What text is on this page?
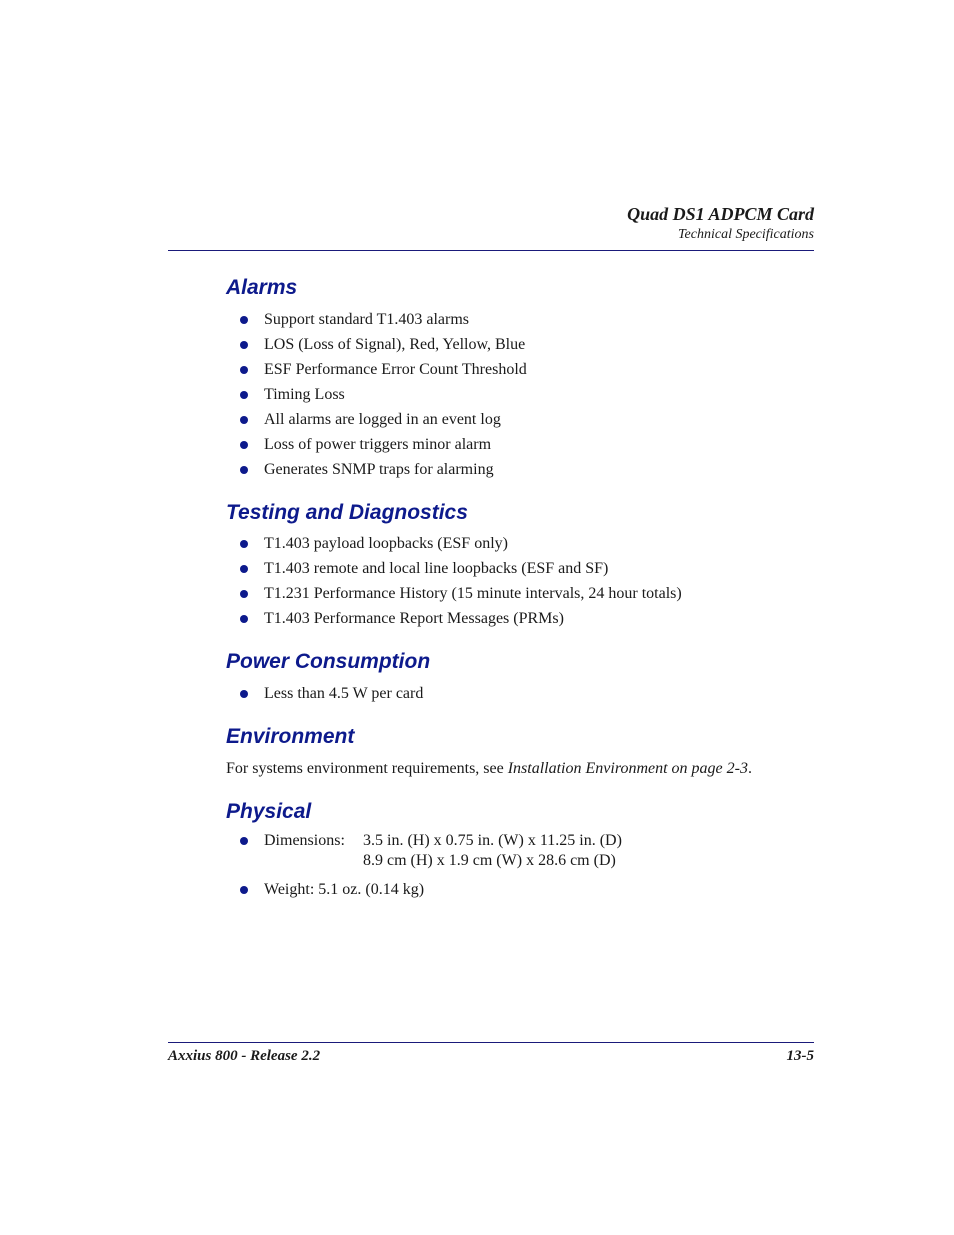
Quad DS1 ADPCM Card
Technical Specifications
Alarms
Support standard T1.403 alarms
LOS (Loss of Signal), Red, Yellow, Blue
ESF Performance Error Count Threshold
Timing Loss
All alarms are logged in an event log
Loss of power triggers minor alarm
Generates SNMP traps for alarming
Testing and Diagnostics
T1.403 payload loopbacks (ESF only)
T1.403 remote and local line loopbacks (ESF and SF)
T1.231 Performance History (15 minute intervals, 24 hour totals)
T1.403 Performance Report Messages (PRMs)
Power Consumption
Less than 4.5 W per card
Environment
For systems environment requirements, see Installation Environment on page 2-3.
Physical
Dimensions: 3.5 in. (H) x 0.75 in. (W) x 11.25 in. (D)
8.9 cm (H) x 1.9 cm (W) x 28.6 cm (D)
Weight: 5.1 oz. (0.14 kg)
Axxius 800 - Release 2.2	13-5
